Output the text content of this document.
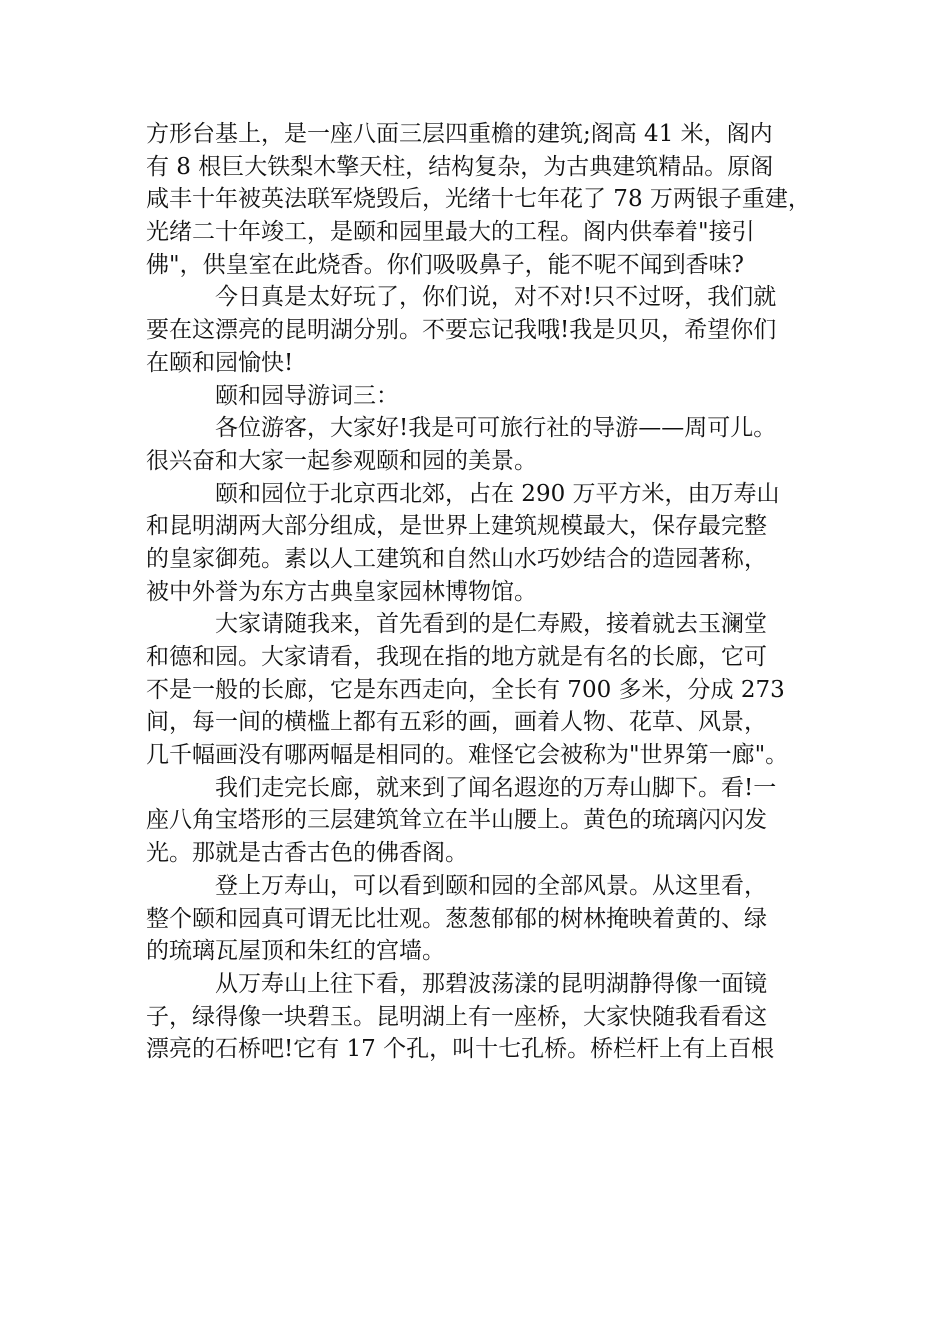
方形台基上，是一座八面三层四重檐的建筑;阁高 41 米，阁内
有 8 根巨大铁梨木擎天柱，结构复杂，为古典建筑精品。原阁
咸丰十年被英法联军烧毁后，光绪十七年花了 78 万两银子重建，
光绪二十年竣工，是颐和园里最大的工程。阁内供奉着"接引
佛"，供皇室在此烧香。你们吸吸鼻子，能不呢不闻到香味?
今日真是太好玩了，你们说，对不对!只不过呀，我们就
要在这漂亮的昆明湖分别。不要忘记我哦!我是贝贝，希望你们
在颐和园愉快!
颐和园导游词三：
各位游客，大家好!我是可可旅行社的导游——周可儿。
很兴奋和大家一起参观颐和园的美景。
颐和园位于北京西北郊，占在 290 万平方米，由万寿山
和昆明湖两大部分组成，是世界上建筑规模最大，保存最完整
的皇家御苑。素以人工建筑和自然山水巧妙结合的造园著称，
被中外誉为东方古典皇家园林博物馆。
大家请随我来，首先看到的是仁寿殿，接着就去玉澜堂
和德和园。大家请看，我现在指的地方就是有名的长廊，它可
不是一般的长廊，它是东西走向，全长有 700 多米，分成 273
间，每一间的横槛上都有五彩的画，画着人物、花草、风景，
几千幅画没有哪两幅是相同的。难怪它会被称为"世界第一廊"。
我们走完长廊，就来到了闻名遐迩的万寿山脚下。看!一
座八角宝塔形的三层建筑耸立在半山腰上。黄色的琉璃闪闪发
光。那就是古香古色的佛香阁。
登上万寿山，可以看到颐和园的全部风景。从这里看，
整个颐和园真可谓无比壮观。葱葱郁郁的树林掩映着黄的、绿
的琉璃瓦屋顶和朱红的宫墙。
从万寿山上往下看，那碧波荡漾的昆明湖静得像一面镜
子，绿得像一块碧玉。昆明湖上有一座桥，大家快随我看看这
漂亮的石桥吧!它有 17 个孔，叫十七孔桥。桥栏杆上有上百根
